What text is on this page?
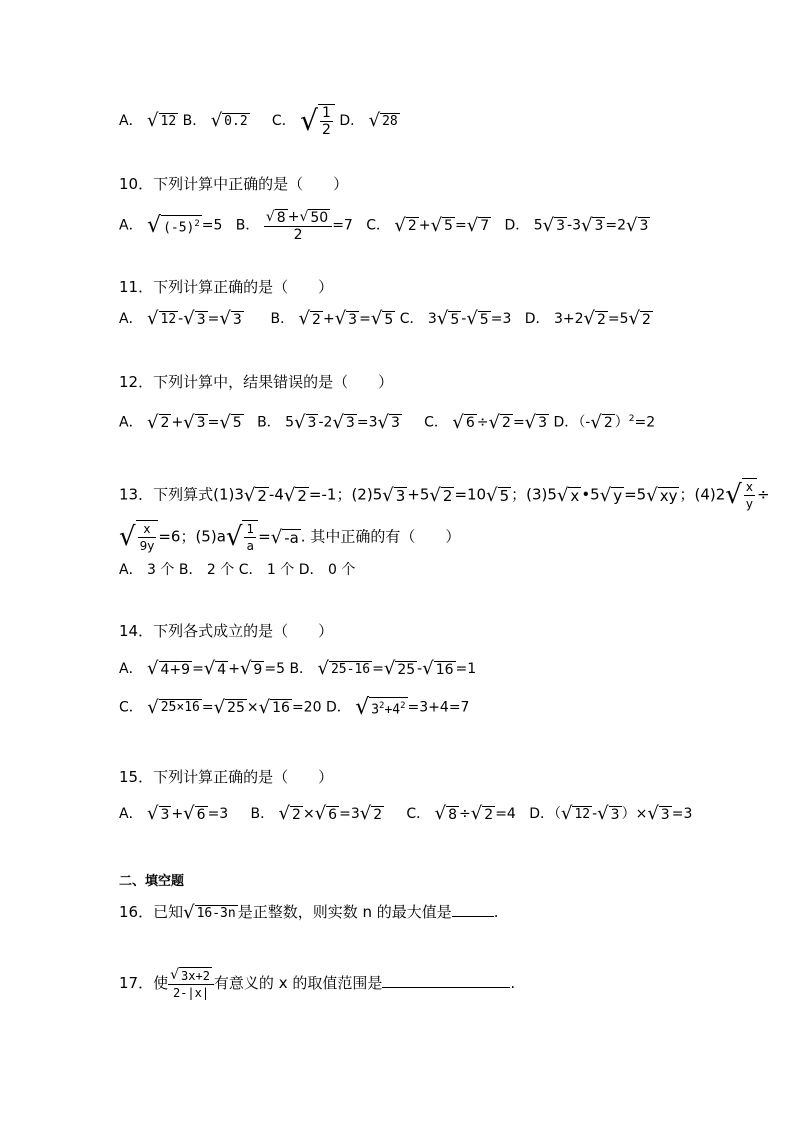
A． √ 12 B． √ 0.2 C． √ $\frac{1}{2}$ D． √ 28
10．下列计算中正确的是（　　）
A． √ $(-5)^2 =5$ B． $\frac{√ 8 +√ 50}{2} =7$ C． √ 2 +√ 5 =√ 7 D． 5√ 3 -3√ 3 =2√ 3
11．下列计算正确的是（　　）
A． √ 12 -√ 3 =√ 3 B． √ 2 +√ 3 =√ 5 C． 3√ 5 -√ 5 =3 D． 3+2√ 2 =5√ 2
12．下列计算中，结果错误的是（　　）
A． √ 2 +√ 3 =√ 5 B． 5√ 3 -2√ 3 =3√ 3 C． √ 6 ÷√ 2 =√ 3 D．（-√ 2 ）$^2$=2
13．下列算式(1)3√ 2 -4√ 2 =-1；(2)5√ 3 +5√ 2 =10√ 5 ；(3)5√ x •5√ y =5√ xy ；$(4)2√ \frac{x}{y}$ ÷
√ $\frac{x}{9y} =6$；$(5)a√ \frac{1}{a}$ =√ -a . 其中正确的有（　　）
A． 3 个 B． 2 个 C． 1 个 D． 0 个
14．下列各式成立的是（　　）
A． √ 4+9 =√ 4 +√ 9 =5 B． √ 25-16 =√ 25 -√ 16 =1
C． √ 25×16 =√ 25 ×√ 16 =20 D． √ $3^2+4^2 =3+4=7$
15．下列计算正确的是（　　）
A． √ 3 +√ 6 =3 B． √ 2 ×√ 6 =3√ 2 C． √ 8 ÷√ 2 =4 D．（√ 12 -√ 3 ）×√ 3 =3
二、填空题
16．已知√ 16-3n 是正整数，则实数 n 的最大值是	.
17．使 $\frac{√ 3x+2}{2-|x|}$ 有意义的 x 的取值范围是	.
